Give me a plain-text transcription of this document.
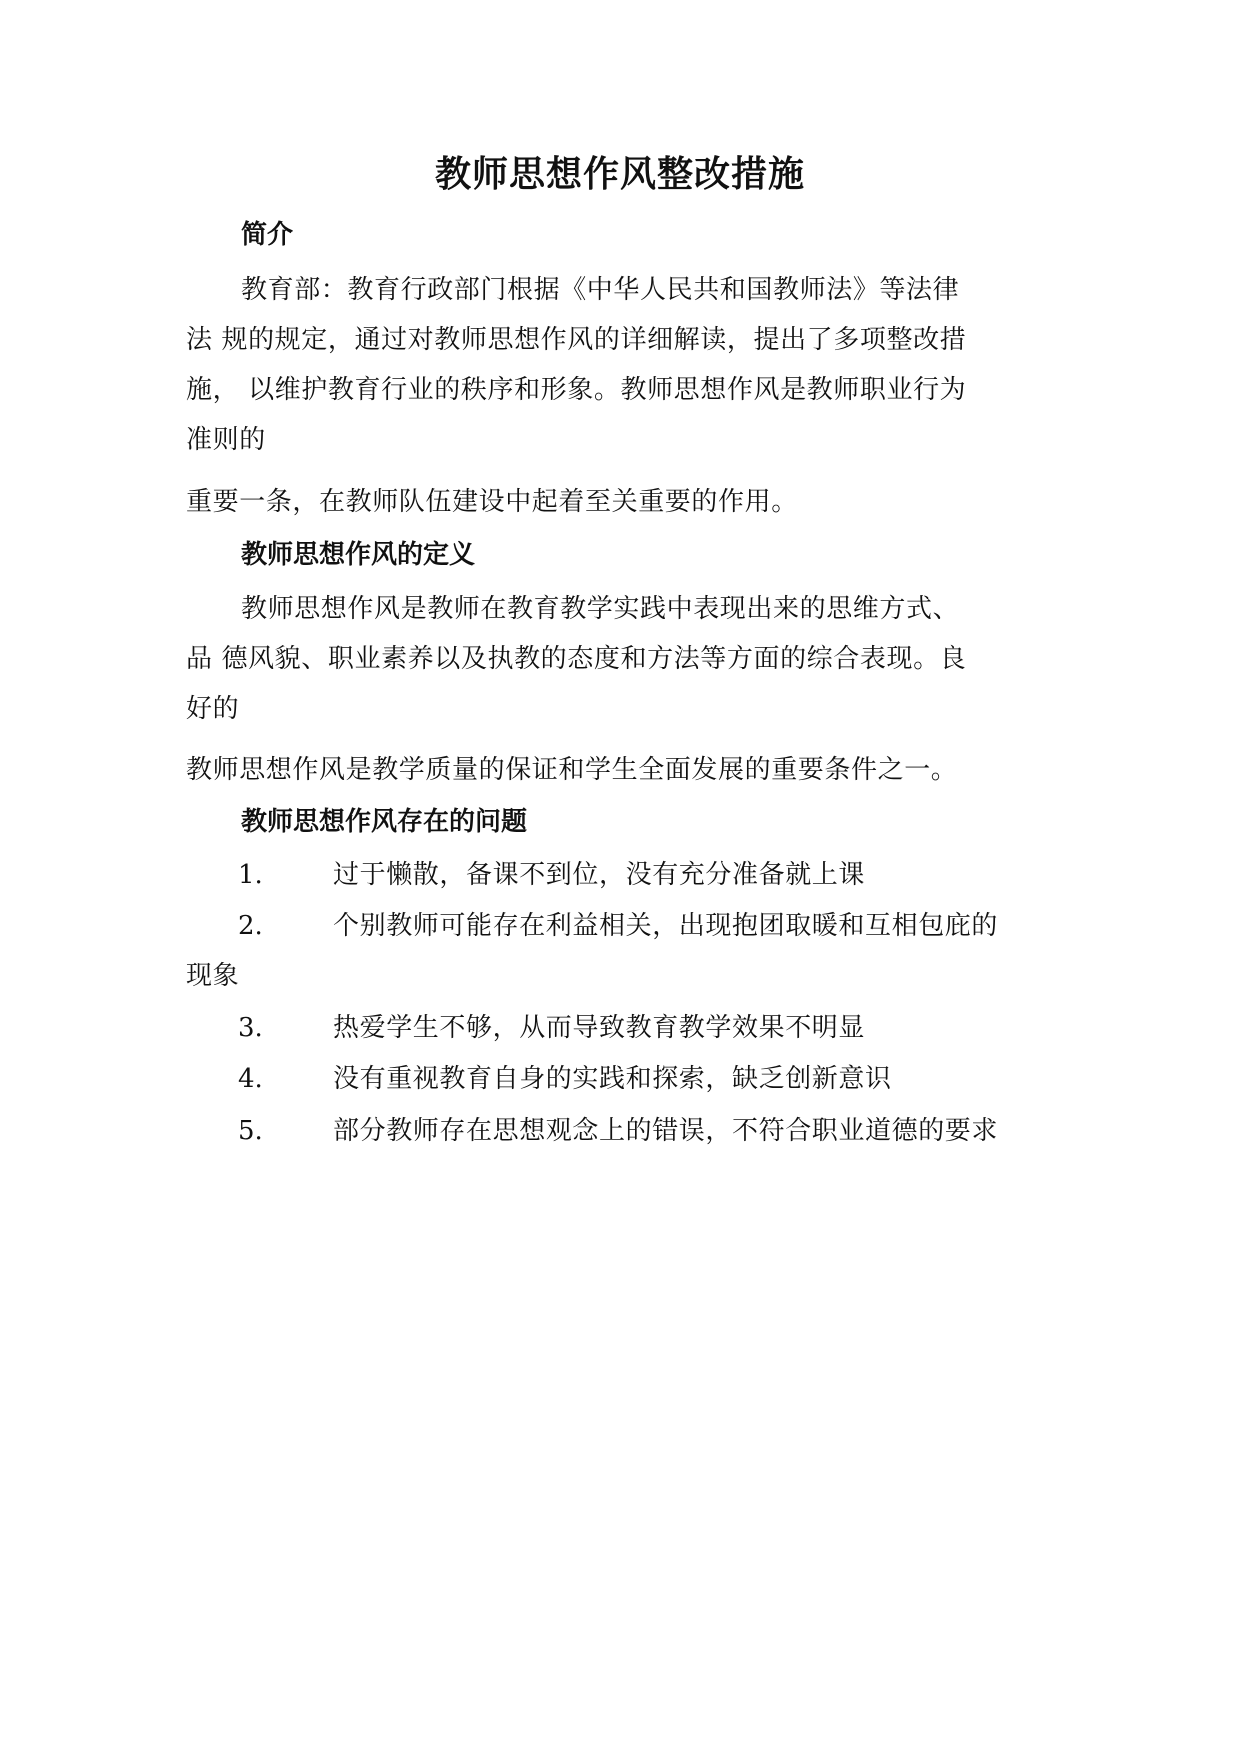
教师思想作风整改措施
简介
教育部：教育行政部门根据《中华人民共和国教师法》等法律
法 规的规定，通过对教师思想作风的详细解读，提出了多项整改措
施， 以维护教育行业的秩序和形象。教师思想作风是教师职业行为
准则的
重要一条，在教师队伍建设中起着至关重要的作用。
教师思想作风的定义
教师思想作风是教师在教育教学实践中表现出来的思维方式、
品 德风貌、职业素养以及执教的态度和方法等方面的综合表现。良
好的
教师思想作风是教学质量的保证和学生全面发展的重要条件之一。
教师思想作风存在的问题
1.	过于懒散，备课不到位，没有充分准备就上课
2.	个别教师可能存在利益相关，出现抱团取暖和互相包庇的
现象
3.	热爱学生不够，从而导致教育教学效果不明显
4.	没有重视教育自身的实践和探索，缺乏创新意识
5.	部分教师存在思想观念上的错误，不符合职业道德的要求
